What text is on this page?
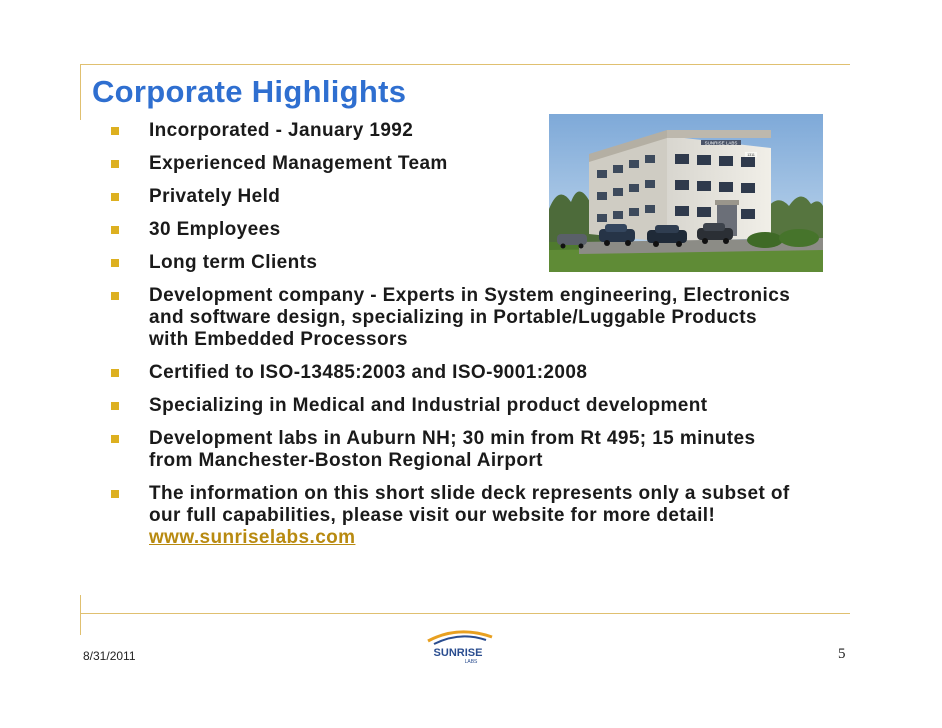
Corporate Highlights
SUNRISE LABS
1311
Incorporated - January 1992
Experienced Management Team
Privately Held
30 Employees
Long term Clients
Development company - Experts in System engineering, Electronics
and software design, specializing in Portable/Luggable Products
with Embedded Processors
Certified to ISO-13485:2003 and ISO-9001:2008
Specializing in Medical and Industrial product development
Development labs in Auburn NH; 30 min from Rt 495; 15 minutes
from Manchester-Boston Regional Airport
The information on this short slide deck represents only a subset of
our full capabilities, please visit our website for more detail!
www.sunriselabs.com
8/31/2011	SUNRISE
LABS	5
